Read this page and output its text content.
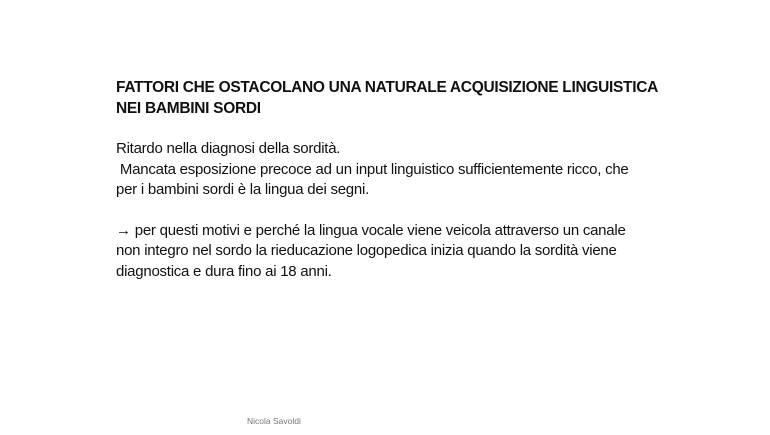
FATTORI CHE OSTACOLANO UNA NATURALE ACQUISIZIONE LINGUISTICA
NEI BAMBINI SORDI
Ritardo nella diagnosi della sordità.
Mancata esposizione precoce ad un input linguistico sufficientemente ricco, che
per i bambini sordi è la lingua dei segni.
→ per questi motivi e perché la lingua vocale viene veicola attraverso un canale
non integro nel sordo la rieducazione logopedica inizia quando la sordità viene
diagnostica e dura fino ai 18 anni.
Nicola Savoldi
